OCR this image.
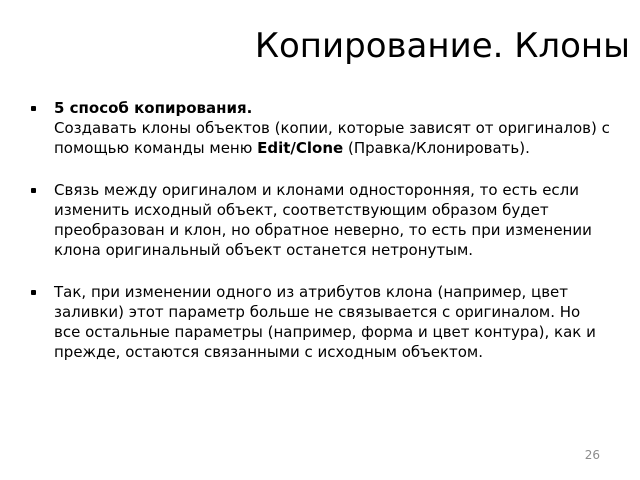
Копирование. Клоны
5 способ копирования.
Создавать клоны объектов (копии, которые зависят от оригиналов) с помощью команды меню Edit/Clone (Правка/Клонировать).
Связь между оригиналом и клонами односторонняя, то есть если изменить исходный объект, соответствующим образом будет преобразован и клон, но обратное неверно, то есть при изменении клона оригинальный объект останется нетронутым.
Так, при изменении одного из атрибутов клона (например, цвет заливки) этот параметр больше не связывается с оригиналом. Но все остальные параметры (например, форма и цвет контура), как и прежде, остаются связанными с исходным объектом.
26
